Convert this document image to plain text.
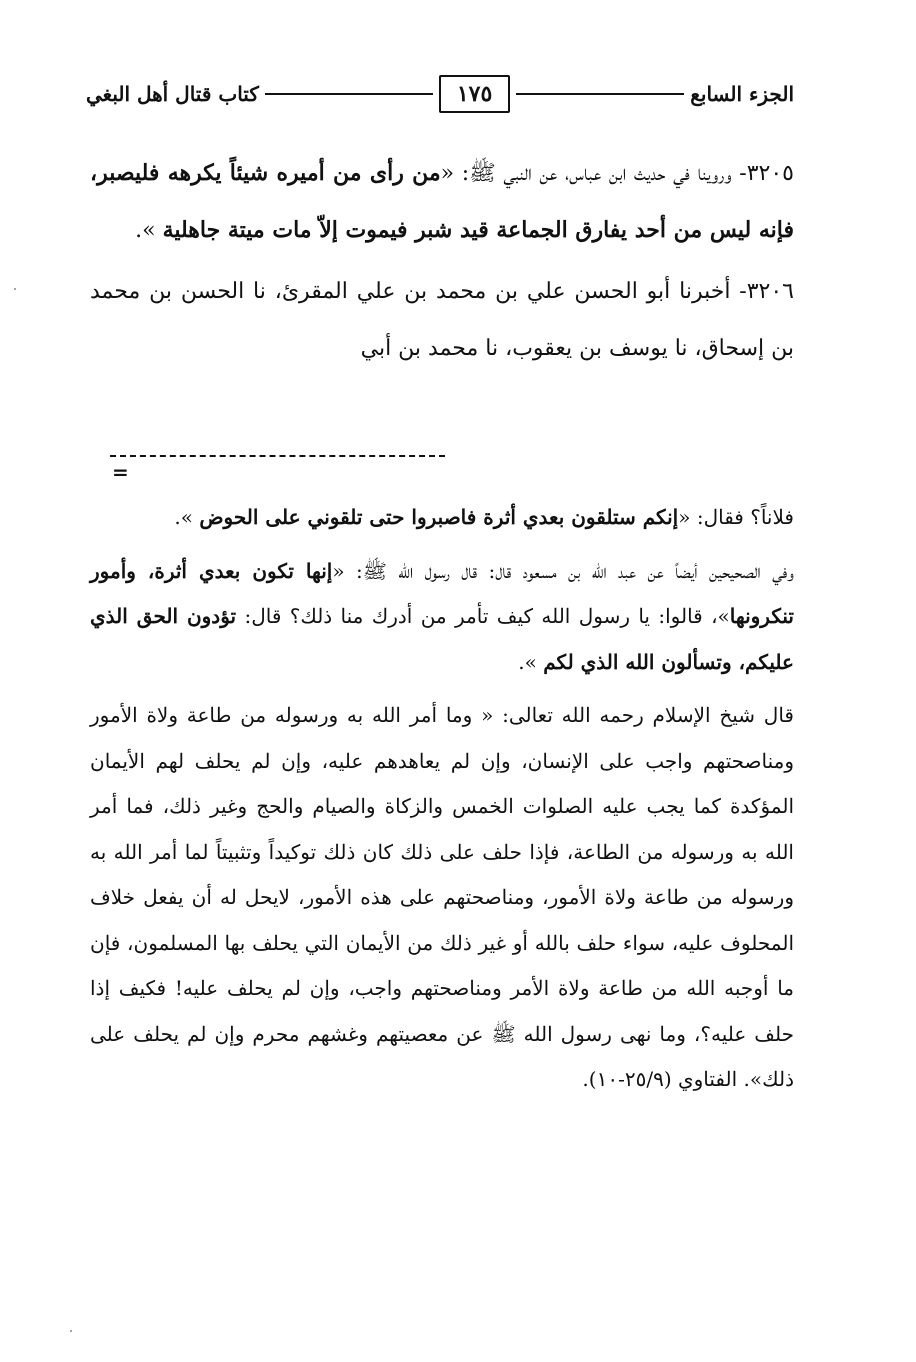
الجزء السابع
١٧٥
كتاب قتال أهل البغي

٣٢٠٥- وروينا في حديث ابن عباس، عن النبي ﷺ: «من رأى من أميره شيئاً يكرهه فليصبر، فإنه ليس من أحد يفارق الجماعة قيد شبر فيموت إلاّ مات ميتة جاهلية ».

٣٢٠٦- أخبرنا أبو الحسن علي بن محمد بن علي المقرئ، نا الحسن بن محمد بن إسحاق، نا يوسف بن يعقوب، نا محمد بن أبي

=

فلاناً؟ فقال: «إنكم ستلقون بعدي أثرة فاصبروا حتى تلقوني على الحوض ».

وفي الصحيحين أيضاً عن عبد الله بن مسعود قال: قال رسول الله ﷺ: «إنها تكون بعدي أثرة، وأمور تنكرونها»، قالوا: يا رسول الله كيف تأمر من أدرك منا ذلك؟ قال: تؤدون الحق الذي عليكم، وتسألون الله الذي لكم ».

قال شيخ الإسلام رحمه الله تعالى: « وما أمر الله به ورسوله من طاعة ولاة الأمور ومناصحتهم واجب على الإنسان، وإن لم يعاهدهم عليه، وإن لم يحلف لهم الأيمان المؤكدة كما يجب عليه الصلوات الخمس والزكاة والصيام والحج وغير ذلك، فما أمر الله به ورسوله من الطاعة، فإذا حلف على ذلك كان ذلك توكيداً وتثبيتاً لما أمر الله به ورسوله من طاعة ولاة الأمور، ومناصحتهم على هذه الأمور، لايحل له أن يفعل خلاف المحلوف عليه، سواء حلف بالله أو غير ذلك من الأيمان التي يحلف بها المسلمون، فإن ما أوجبه الله من طاعة ولاة الأمر ومناصحتهم واجب، وإن لم يحلف عليه! فكيف إذا حلف عليه؟، وما نهى رسول الله ﷺ عن معصيتهم وغشهم محرم وإن لم يحلف على ذلك». الفتاوي (٢٥/٩-١٠).
